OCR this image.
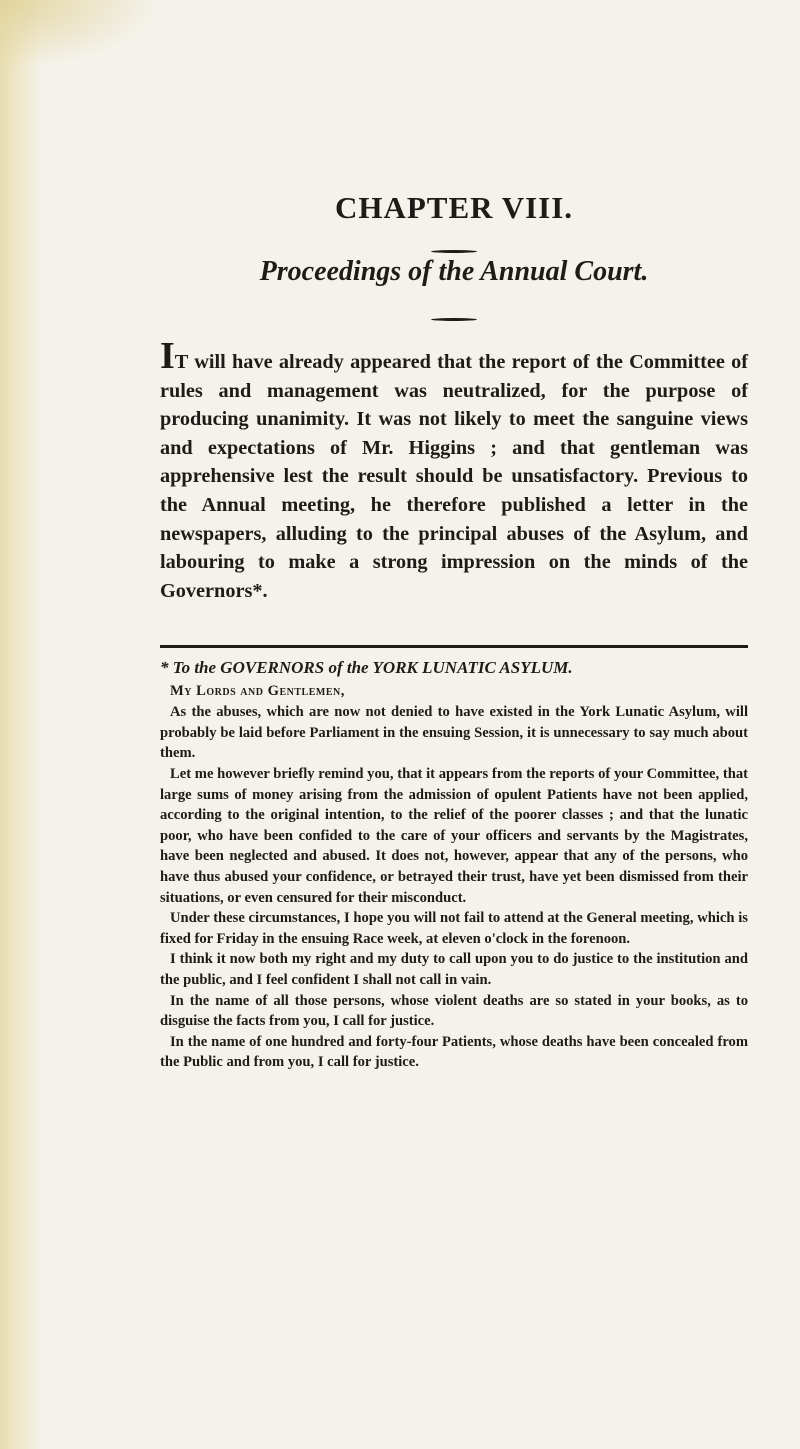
CHAPTER VIII.
Proceedings of the Annual Court.

IT will have already appeared that the report of the Committee of rules and management was neutralized, for the purpose of producing unanimity. It was not likely to meet the sanguine views and expectations of Mr. Higgins ; and that gentleman was apprehensive lest the result should be unsatisfactory. Previous to the Annual meeting, he therefore published a letter in the newspapers, alluding to the principal abuses of the Asylum, and labouring to make a strong impression on the minds of the Governors*.

* To the GOVERNORS of the YORK LUNATIC ASYLUM.

My Lords and Gentlemen,

As the abuses, which are now not denied to have existed in the York Lunatic Asylum, will probably be laid before Parliament in the ensuing Session, it is unnecessary to say much about them.

Let me however briefly remind you, that it appears from the reports of your Committee, that large sums of money arising from the admission of opulent Patients have not been applied, according to the original intention, to the relief of the poorer classes ; and that the lunatic poor, who have been confided to the care of your officers and servants by the Magistrates, have been neglected and abused. It does not, however, appear that any of the persons, who have thus abused your confidence, or betrayed their trust, have yet been dismissed from their situations, or even censured for their misconduct.

Under these circumstances, I hope you will not fail to attend at the General meeting, which is fixed for Friday in the ensuing Race week, at eleven o'clock in the forenoon.

I think it now both my right and my duty to call upon you to do justice to the institution and the public, and I feel confident I shall not call in vain.

In the name of all those persons, whose violent deaths are so stated in your books, as to disguise the facts from you, I call for justice.

In the name of one hundred and forty-four Patients, whose deaths have been concealed from the Public and from you, I call for justice.
